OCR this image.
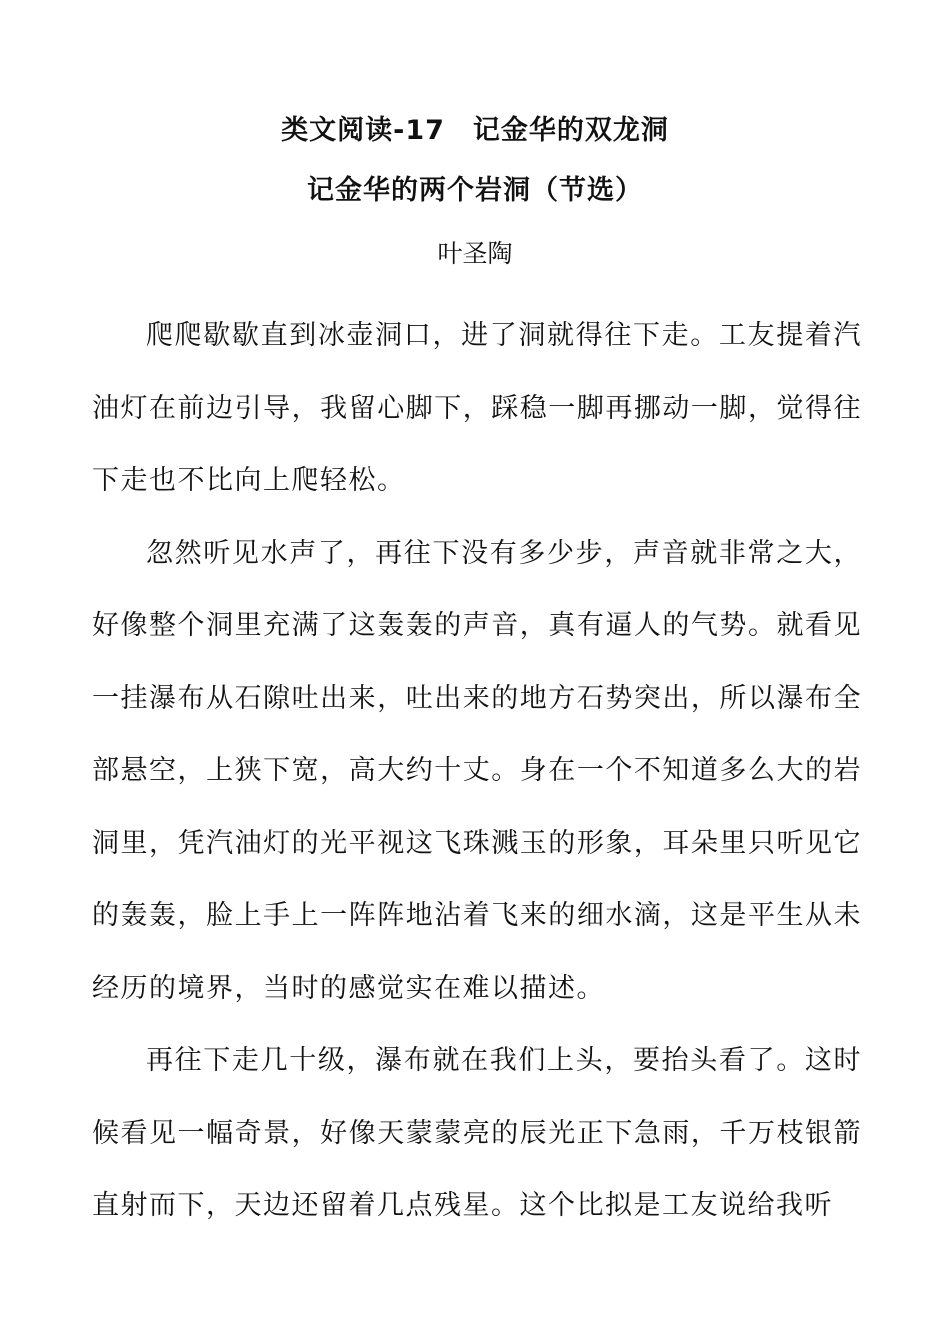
类文阅读-17　记金华的双龙洞
记金华的两个岩洞（节选）
叶圣陶

爬爬歇歇直到冰壶洞口，进了洞就得往下走。工友提着汽油灯在前边引导，我留心脚下，踩稳一脚再挪动一脚，觉得往下走也不比向上爬轻松。

忽然听见水声了，再往下没有多少步，声音就非常之大，好像整个洞里充满了这轰轰的声音，真有逼人的气势。就看见一挂瀑布从石隙吐出来，吐出来的地方石势突出，所以瀑布全部悬空，上狭下宽，高大约十丈。身在一个不知道多么大的岩洞里，凭汽油灯的光平视这飞珠溅玉的形象，耳朵里只听见它的轰轰，脸上手上一阵阵地沾着飞来的细水滴，这是平生从未经历的境界，当时的感觉实在难以描述。

再往下走几十级，瀑布就在我们上头，要抬头看了。这时候看见一幅奇景，好像天蒙蒙亮的辰光正下急雨，千万枝银箭直射而下，天边还留着几点残星。这个比拟是工友说给我听
